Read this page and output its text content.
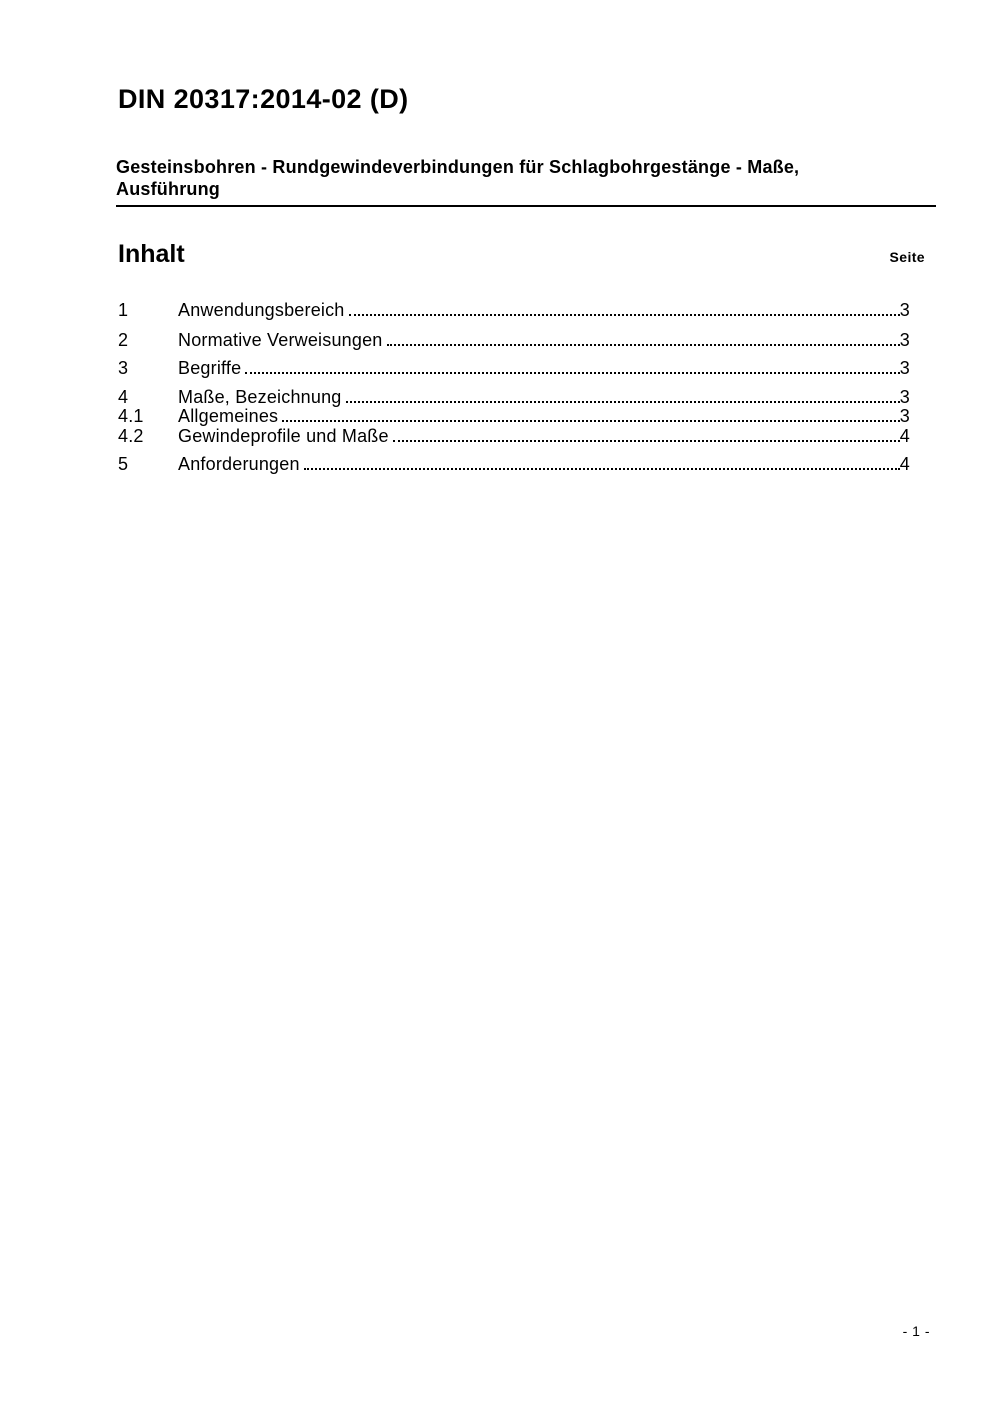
DIN 20317:2014-02 (D)
Gesteinsbohren - Rundgewindeverbindungen für Schlagbohrgestänge - Maße,
Ausführung
Inhalt	Seite
1	Anwendungsbereich	3
2	Normative Verweisungen	3
3	Begriffe	3
4	Maße, Bezeichnung	3
4.1	Allgemeines	3
4.2	Gewindeprofile und Maße	4
5	Anforderungen	4
- 1 -
